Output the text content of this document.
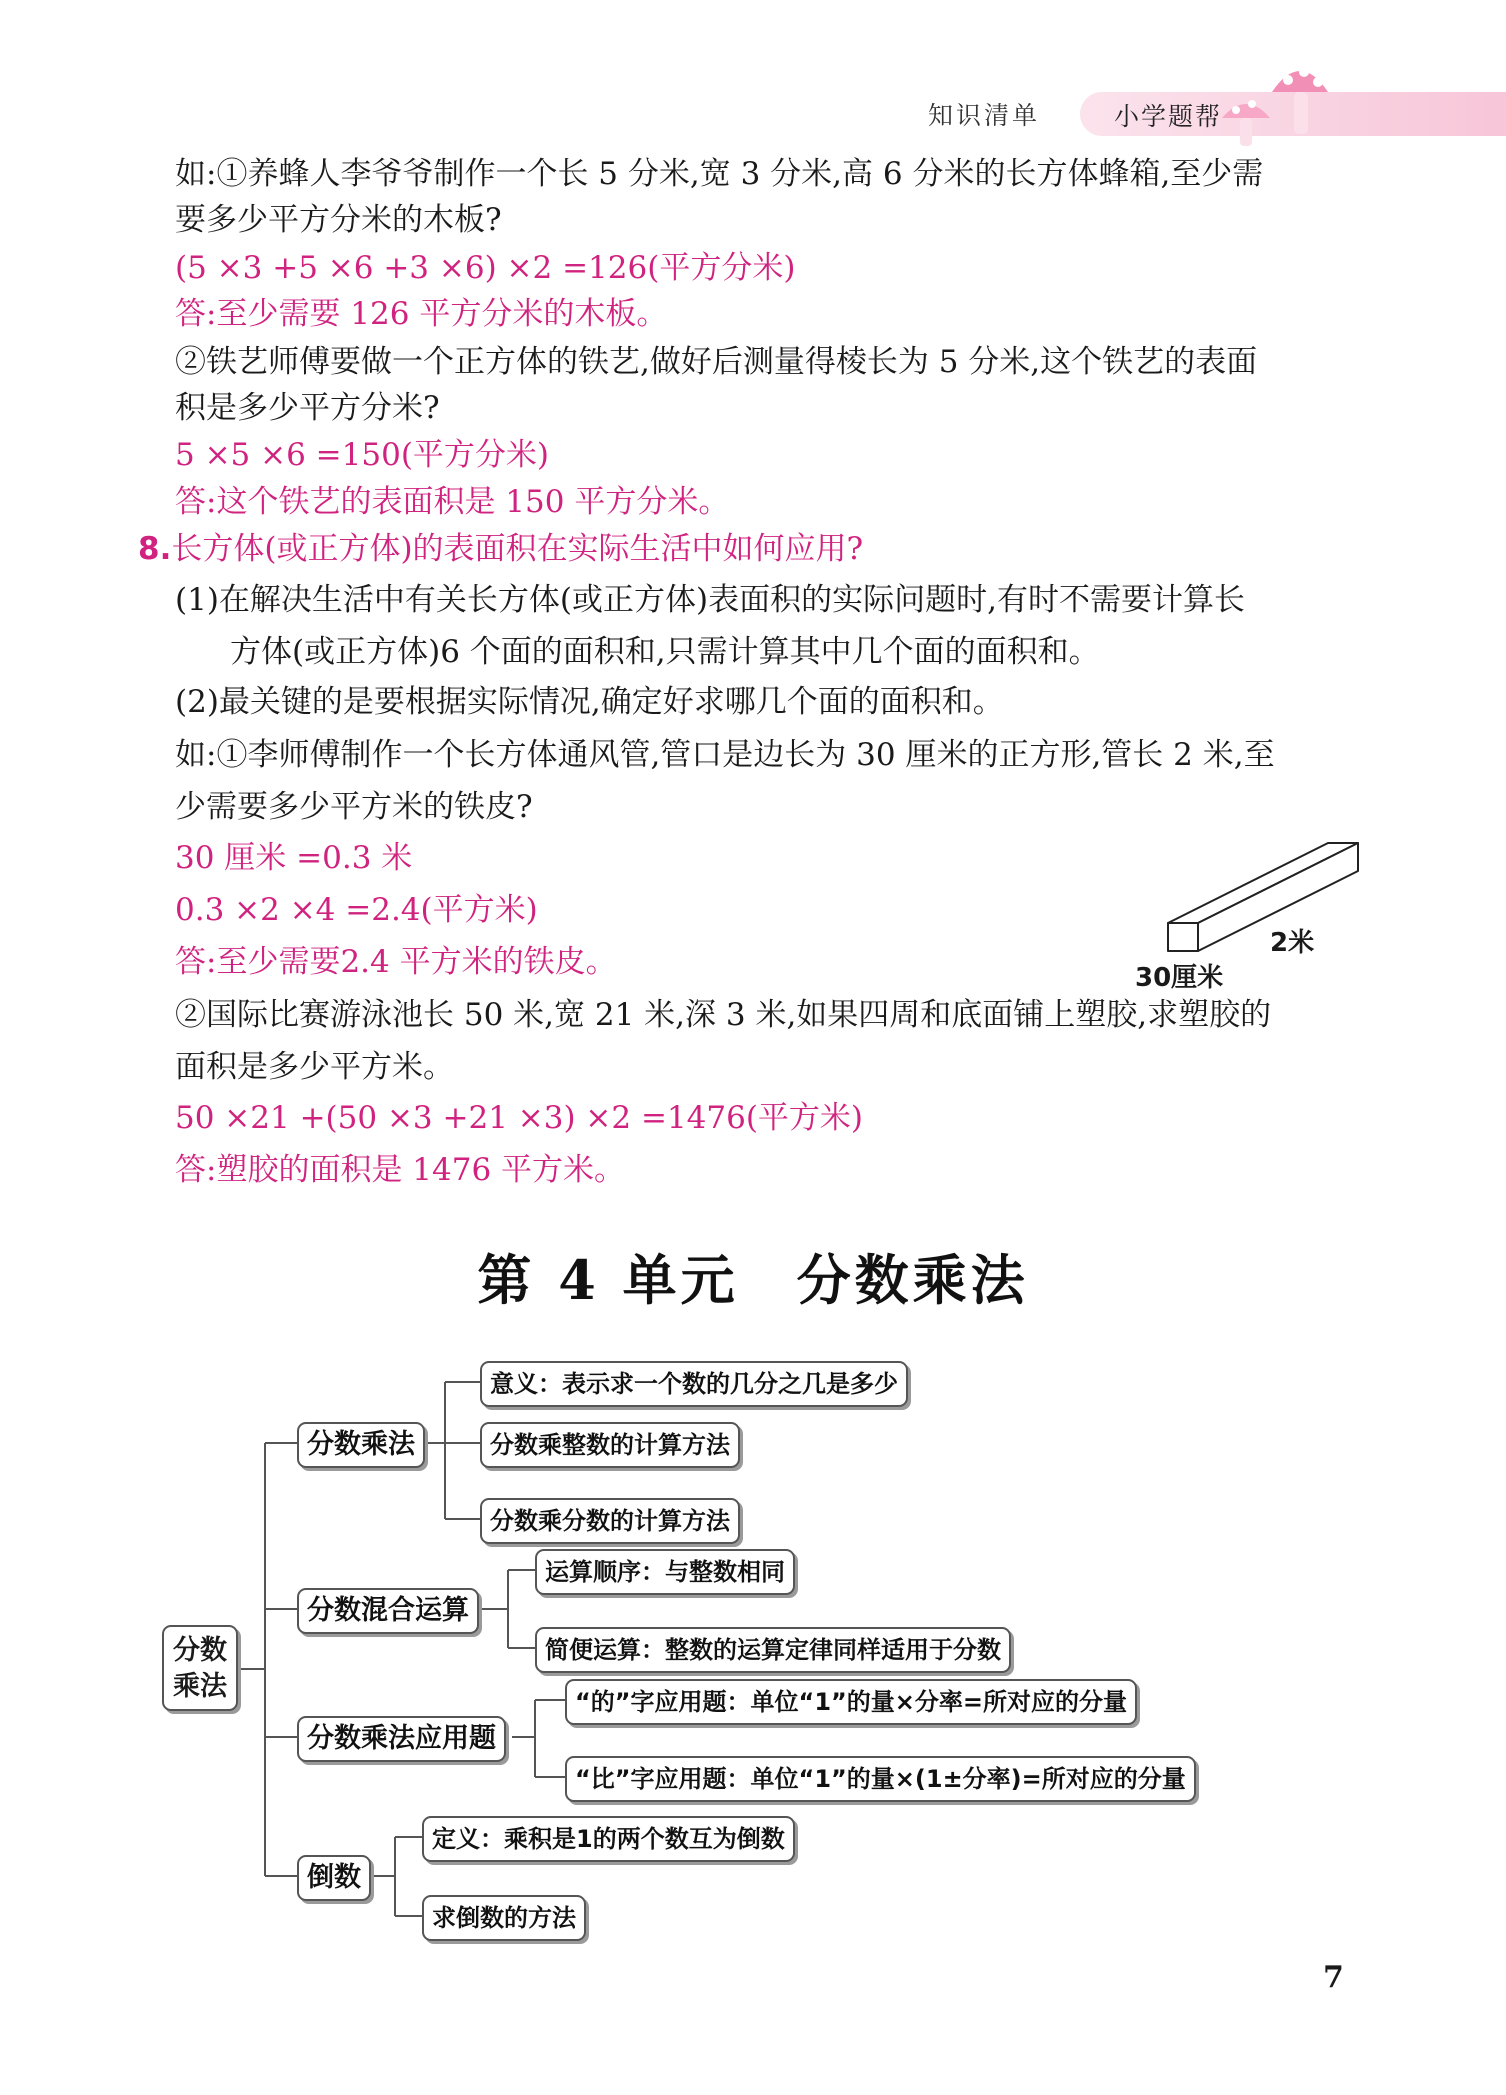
知识清单	小学题帮
如:①养蜂人李爷爷制作一个长 5 分米,宽 3 分米,高 6 分米的长方体蜂箱,至少需
要多少平方分米的木板?
(5 ×3 +5 ×6 +3 ×6) ×2 =126(平方分米)
答:至少需要 126 平方分米的木板。
②铁艺师傅要做一个正方体的铁艺,做好后测量得棱长为 5 分米,这个铁艺的表面
积是多少平方分米?
5 ×5 ×6 =150(平方分米)
答:这个铁艺的表面积是 150 平方分米。
8.长方体(或正方体)的表面积在实际生活中如何应用?
(1)在解决生活中有关长方体(或正方体)表面积的实际问题时,有时不需要计算长
方体(或正方体)6 个面的面积和,只需计算其中几个面的面积和。
(2)最关键的是要根据实际情况,确定好求哪几个面的面积和。
如:①李师傅制作一个长方体通风管,管口是边长为 30 厘米的正方形,管长 2 米,至
少需要多少平方米的铁皮?
30 厘米 =0.3 米
0.3 ×2 ×4 =2.4(平方米)
答:至少需要2.4 平方米的铁皮。
②国际比赛游泳池长 50 米,宽 21 米,深 3 米,如果四周和底面铺上塑胶,求塑胶的
面积是多少平方米。
50 ×21 +(50 ×3 +21 ×3) ×2 =1476(平方米)
答:塑胶的面积是 1476 平方米。
2米
30厘米
第 4 单元　分数乘法
分数
乘法
分数乘法
意义：表示求一个数的几分之几是多少
分数乘整数的计算方法
分数乘分数的计算方法
分数混合运算
运算顺序：与整数相同
简便运算：整数的运算定律同样适用于分数
分数乘法应用题
“的”字应用题：单位“1”的量×分率=所对应的分量
“比”字应用题：单位“1”的量×(1±分率)=所对应的分量
倒数
定义：乘积是1的两个数互为倒数
求倒数的方法
7
